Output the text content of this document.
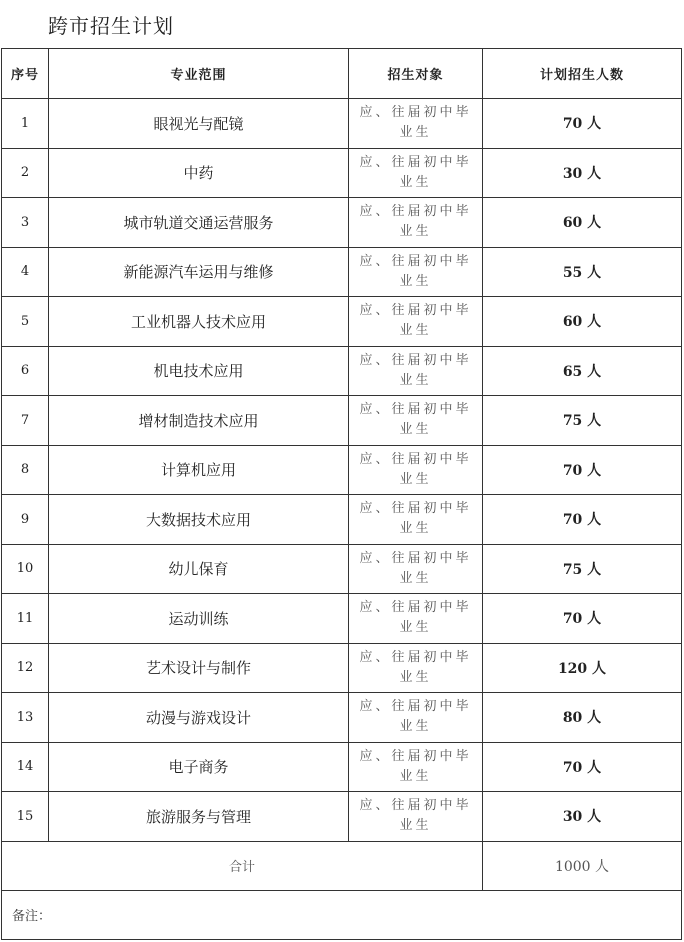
跨市招生计划
序号	专业范围	招生对象	计划招生人数
1	眼视光与配镜	应、往届初中毕业生	70 人
2	中药	应、往届初中毕业生	30 人
3	城市轨道交通运营服务	应、往届初中毕业生	60 人
4	新能源汽车运用与维修	应、往届初中毕业生	55 人
5	工业机器人技术应用	应、往届初中毕业生	60 人
6	机电技术应用	应、往届初中毕业生	65 人
7	增材制造技术应用	应、往届初中毕业生	75 人
8	计算机应用	应、往届初中毕业生	70 人
9	大数据技术应用	应、往届初中毕业生	70 人
10	幼儿保育	应、往届初中毕业生	75 人
11	运动训练	应、往届初中毕业生	70 人
12	艺术设计与制作	应、往届初中毕业生	120 人
13	动漫与游戏设计	应、往届初中毕业生	80 人
14	电子商务	应、往届初中毕业生	70 人
15	旅游服务与管理	应、往届初中毕业生	30 人
合计			1000 人
备注：			
